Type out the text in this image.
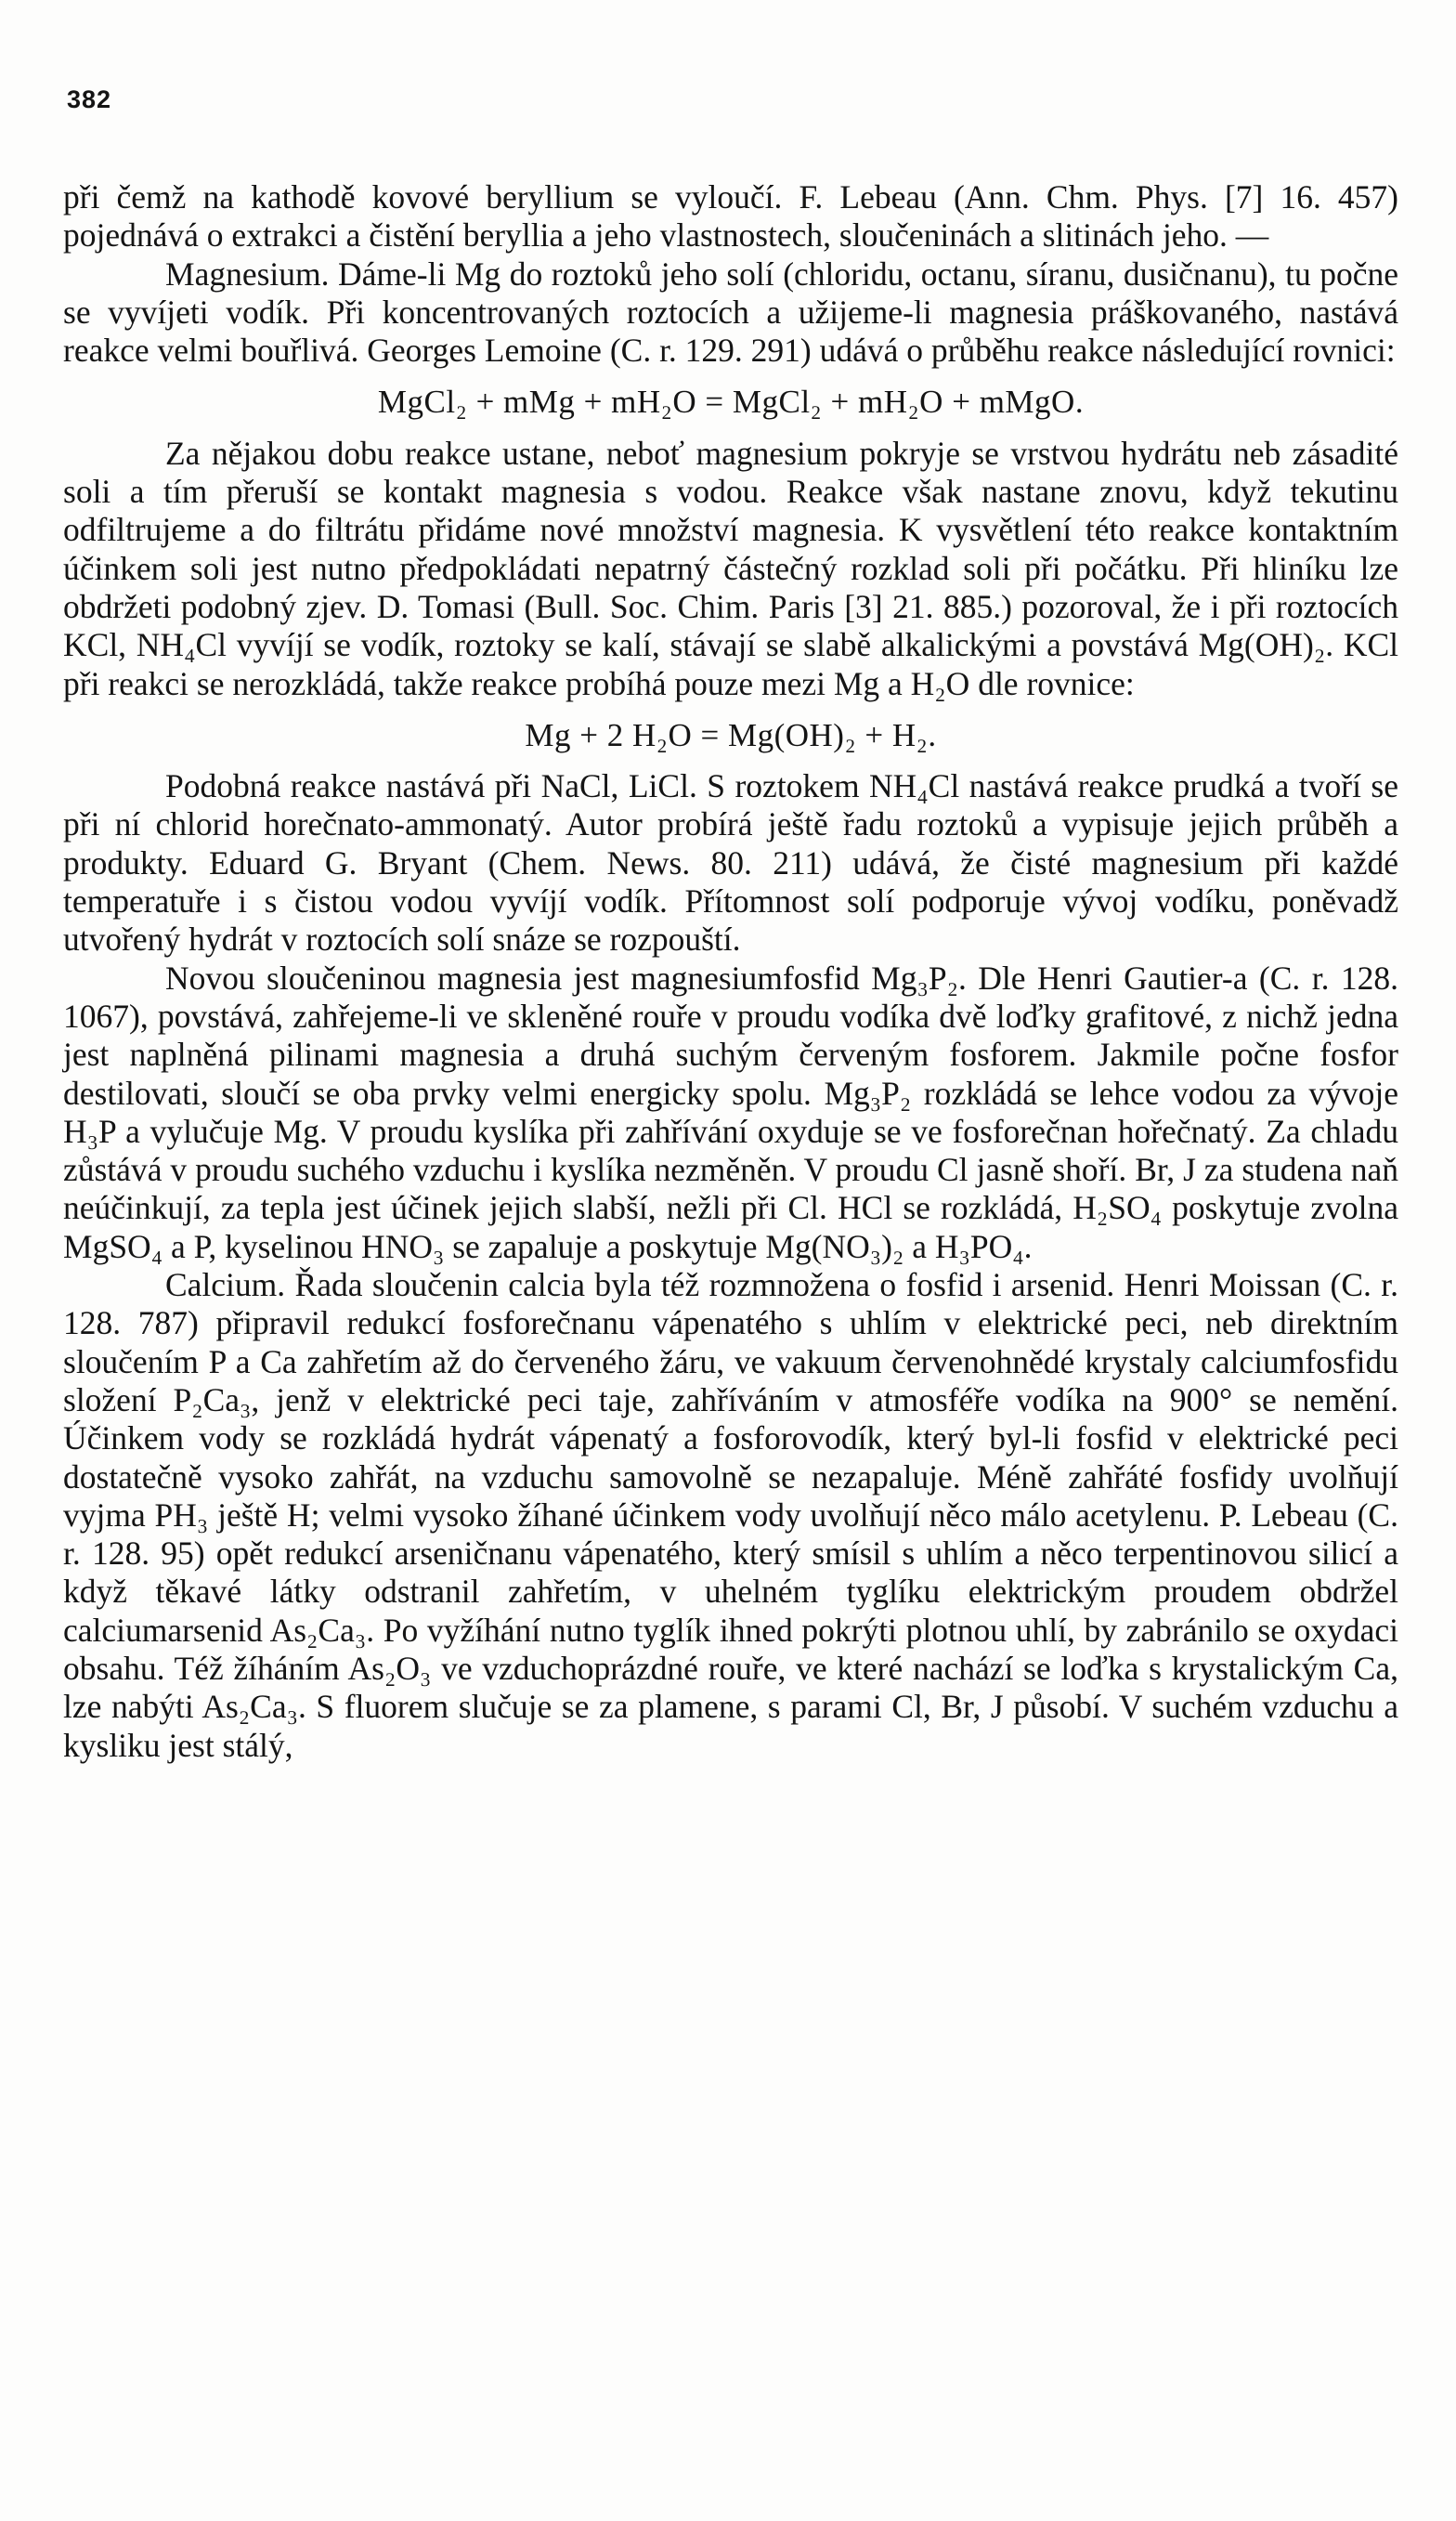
382

při čemž na kathodě kovové beryllium se vyloučí. F. Lebeau (Ann. Chm. Phys. [7] 16. 457) pojednává o extrakci a čistění beryllia a jeho vlastnostech, sloučeninách a slitinách jeho. —

Magnesium. Dáme-li Mg do roztoků jeho solí (chloridu, octanu, síranu, dusičnanu), tu počne se vyvíjeti vodík. Při koncentrovaných roztocích a užijeme-li magnesia práškovaného, nastává reakce velmi bouřlivá. Georges Lemoine (C. r. 129. 291) udává o průběhu reakce následující rovnici:

MgCl₂ + mMg + mH₂O = MgCl₂ + mH₂O + mMgO.

Za nějakou dobu reakce ustane, neboť magnesium pokryje se vrstvou hydrátu neb zásadité soli a tím přeruší se kontakt magnesia s vodou. Reakce však nastane znovu, když tekutinu odfiltrujeme a do filtrátu přidáme nové množství magnesia. K vysvětlení této reakce kontaktním účinkem soli jest nutno předpokládati nepatrný částečný rozklad soli při počátku. Při hliníku lze obdržeti podobný zjev. D. Tomasi (Bull. Soc. Chim. Paris [3] 21. 885.) pozoroval, že i při roztocích KCl, NH₄Cl vyvíjí se vodík, roztoky se kalí, stávají se slabě alkalickými a povstává Mg(OH)₂. KCl při reakci se nerozkládá, takže reakce probíhá pouze mezi Mg a H₂O dle rovnice:

Mg + 2 H₂O = Mg(OH)₂ + H₂.

Podobná reakce nastává při NaCl, LiCl. S roztokem NH₄Cl nastává reakce prudká a tvoří se při ní chlorid horečnato-ammonatý. Autor probírá ještě řadu roztoků a vypisuje jejich průběh a produkty. Eduard G. Bryant (Chem. News. 80. 211) udává, že čisté magnesium při každé temperatuře i s čistou vodou vyvíjí vodík. Přítomnost solí podporuje vývoj vodíku, poněvadž utvořený hydrát v roztocích solí snáze se rozpouští.

Novou sloučeninou magnesia jest magnesiumfosfid Mg₃P₂. Dle Henri Gautier-a (C. r. 128. 1067), povstává, zahřejeme-li ve skleněné rouře v proudu vodíka dvě loďky grafitové, z nichž jedna jest naplněná pilinami magnesia a druhá suchým červeným fosforem. Jakmile počne fosfor destilovati, sloučí se oba prvky velmi energicky spolu. Mg₃P₂ rozkládá se lehce vodou za vývoje H₃P a vylučuje Mg. V proudu kyslíka při zahřívání oxyduje se ve fosforečnan hořečnatý. Za chladu zůstává v proudu suchého vzduchu i kyslíka nezměněn. V proudu Cl jasně shoří. Br, J za studena naň neúčinkují, za tepla jest účinek jejich slabší, nežli při Cl. HCl se rozkládá, H₂SO₄ poskytuje zvolna MgSO₄ a P, kyselinou HNO₃ se zapaluje a poskytuje Mg(NO₃)₂ a H₃PO₄.

Calcium. Řada sloučenin calcia byla též rozmnožena o fosfid i arsenid. Henri Moissan (C. r. 128. 787) připravil redukcí fosforečnanu vápenatého s uhlím v elektrické peci, neb direktním sloučením P a Ca zahřetím až do červeného žáru, ve vakuum červenohnědé krystaly calciumfosfidu složení P₂Ca₃, jenž v elektrické peci taje, zahříváním v atmosféře vodíka na 900° se nemění. Účinkem vody se rozkládá hydrát vápenatý a fosforovodík, který byl-li fosfid v elektrické peci dostatečně vysoko zahřát, na vzduchu samovolně se nezapaluje. Méně zahřáté fosfidy uvolňují vyjma PH₃ ještě H; velmi vysoko žíhané účinkem vody uvolňují něco málo acetylenu. P. Lebeau (C. r. 128. 95) opět redukcí arseničnanu vápenatého, který smísil s uhlím a něco terpentinovou silicí a když těkavé látky odstranil zahřetím, v uhelném tyglíku elektrickým proudem obdržel calciumarsenid As₂Ca₃. Po vyžíhání nutno tyglík ihned pokrýti plotnou uhlí, by zabránilo se oxydaci obsahu. Též žíháním As₂O₃ ve vzduchoprázdné rouře, ve které nachází se loďka s krystalickým Ca, lze nabýti As₂Ca₃. S fluorem slučuje se za plamene, s parami Cl, Br, J působí. V suchém vzduchu a kysliku jest stálý,
